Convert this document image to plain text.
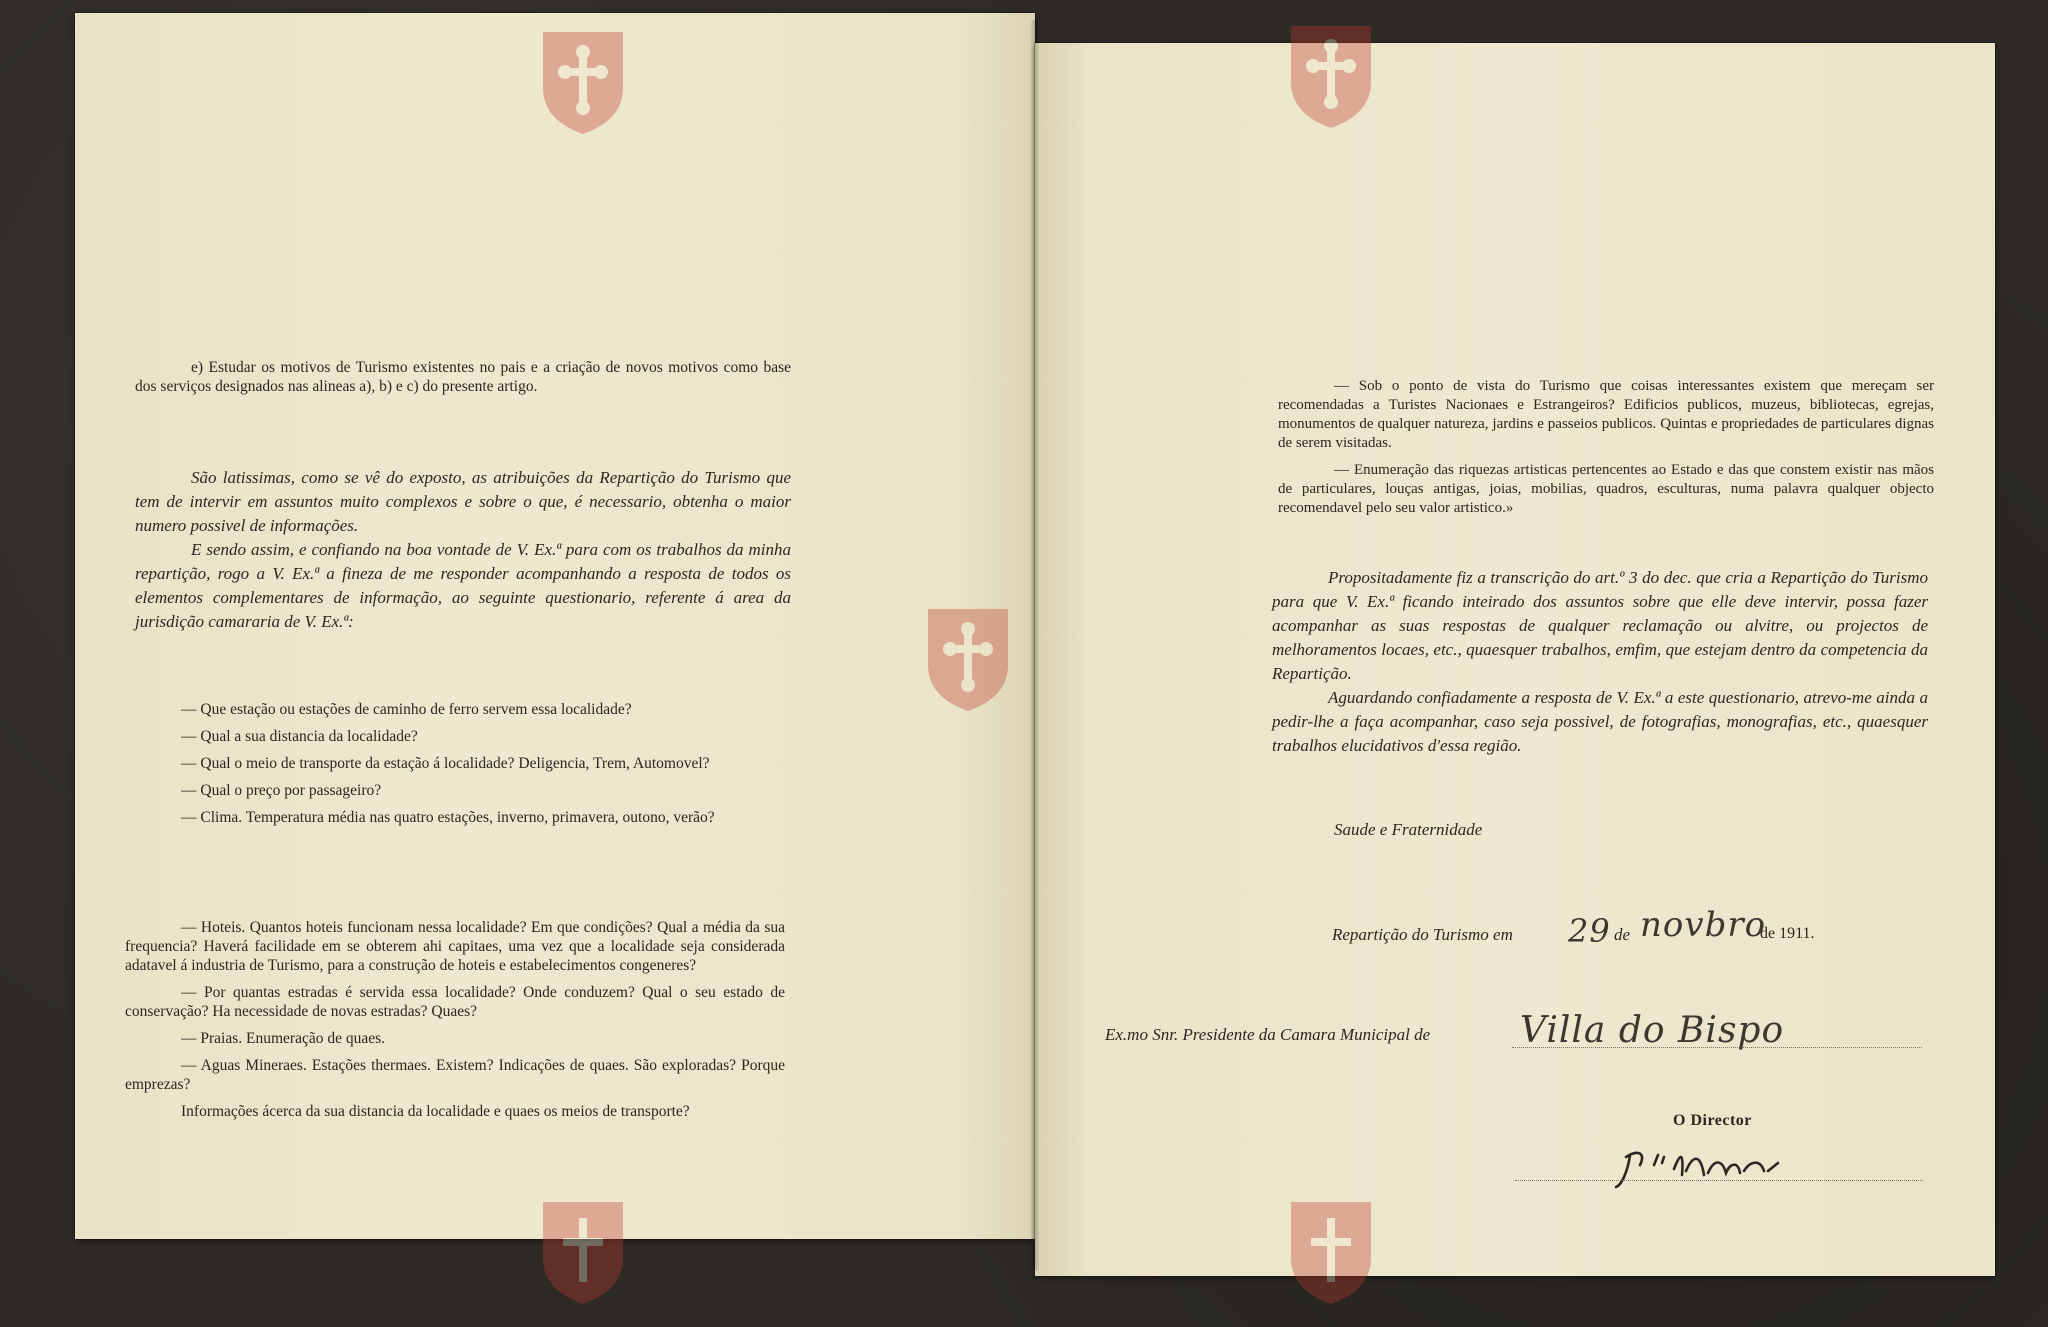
e) Estudar os motivos de Turismo existentes no pais e a criação de novos motivos como base dos serviços designados nas alineas a), b) e c) do presente artigo.

São latissimas, como se vê do exposto, as atribuições da Repartição do Turismo que tem de intervir em assuntos muito complexos e sobre o que, é necessario, obtenha o maior numero possivel de informações.

E sendo assim, e confiando na boa vontade de V. Ex.ª para com os trabalhos da minha repartição, rogo a V. Ex.ª a fineza de me responder acompanhando a resposta de todos os elementos complementares de informação, ao seguinte questionario, referente á area da jurisdição camararia de V. Ex.ª:

— Que estação ou estações de caminho de ferro servem essa localidade?

— Qual a sua distancia da localidade?

— Qual o meio de transporte da estação á localidade? Deligencia, Trem, Automovel?

— Qual o preço por passageiro?

— Clima. Temperatura média nas quatro estações, inverno, primavera, outono, verão?

— Hoteis. Quantos hoteis funcionam nessa localidade? Em que condições? Qual a média da sua frequencia? Haverá facilidade em se obterem ahi capitaes, uma vez que a localidade seja considerada adatavel á industria de Turismo, para a construção de hoteis e estabelecimentos congeneres?

— Por quantas estradas é servida essa localidade? Onde conduzem? Qual o seu estado de conservação? Ha necessidade de novas estradas? Quaes?

— Praias. Enumeração de quaes.

— Aguas Mineraes. Estações thermaes. Existem? Indicações de quaes. São exploradas? Porque emprezas?

Informações ácerca da sua distancia da localidade e quaes os meios de transporte?

— Sob o ponto de vista do Turismo que coisas interessantes existem que mereçam ser recomendadas a Turistes Nacionaes e Estrangeiros? Edificios publicos, muzeus, bibliotecas, egrejas, monumentos de qualquer natureza, jardins e passeios publicos. Quintas e propriedades de particulares dignas de serem visitadas.

— Enumeração das riquezas artisticas pertencentes ao Estado e das que constem existir nas mãos de particulares, louças antigas, joias, mobilias, quadros, esculturas, numa palavra qualquer objecto recomendavel pelo seu valor artistico.»

Propositadamente fiz a transcrição do art.º 3 do dec. que cria a Repartição do Turismo para que V. Ex.ª ficando inteirado dos assuntos sobre que elle deve intervir, possa fazer acompanhar as suas respostas de qualquer reclamação ou alvitre, ou projectos de melhoramentos locaes, etc., quaesquer trabalhos, emfim, que estejam dentro da competencia da Repartição.

Aguardando confiadamente a resposta de V. Ex.ª a este questionario, atrevo-me ainda a pedir-lhe a faça acompanhar, caso seja possivel, de fotografias, monografias, etc., quaesquer trabalhos elucidativos d'essa região.

Saude e Fraternidade
Repartição do Turismo em 29 de novbro
de 1911.
Ex.mo Snr. Presidente da Camara Municipal de Villa do Bispo
O Director
